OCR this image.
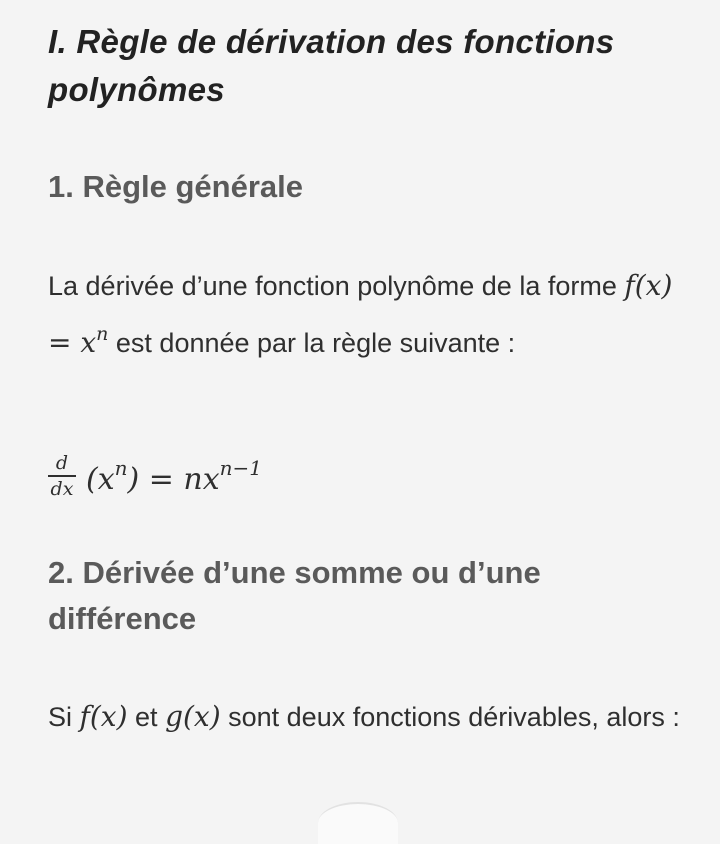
I. Règle de dérivation des fonctions polynômes
1. Règle générale
La dérivée d’une fonction polynôme de la forme $f(x) = x^n$ est donnée par la règle suivante :
$\frac{d}{dx} (x^n) = nx^{n-1}$
2. Dérivée d’une somme ou d’une différence
Si f(x) et g(x) sont deux fonctions dérivables, alors :
